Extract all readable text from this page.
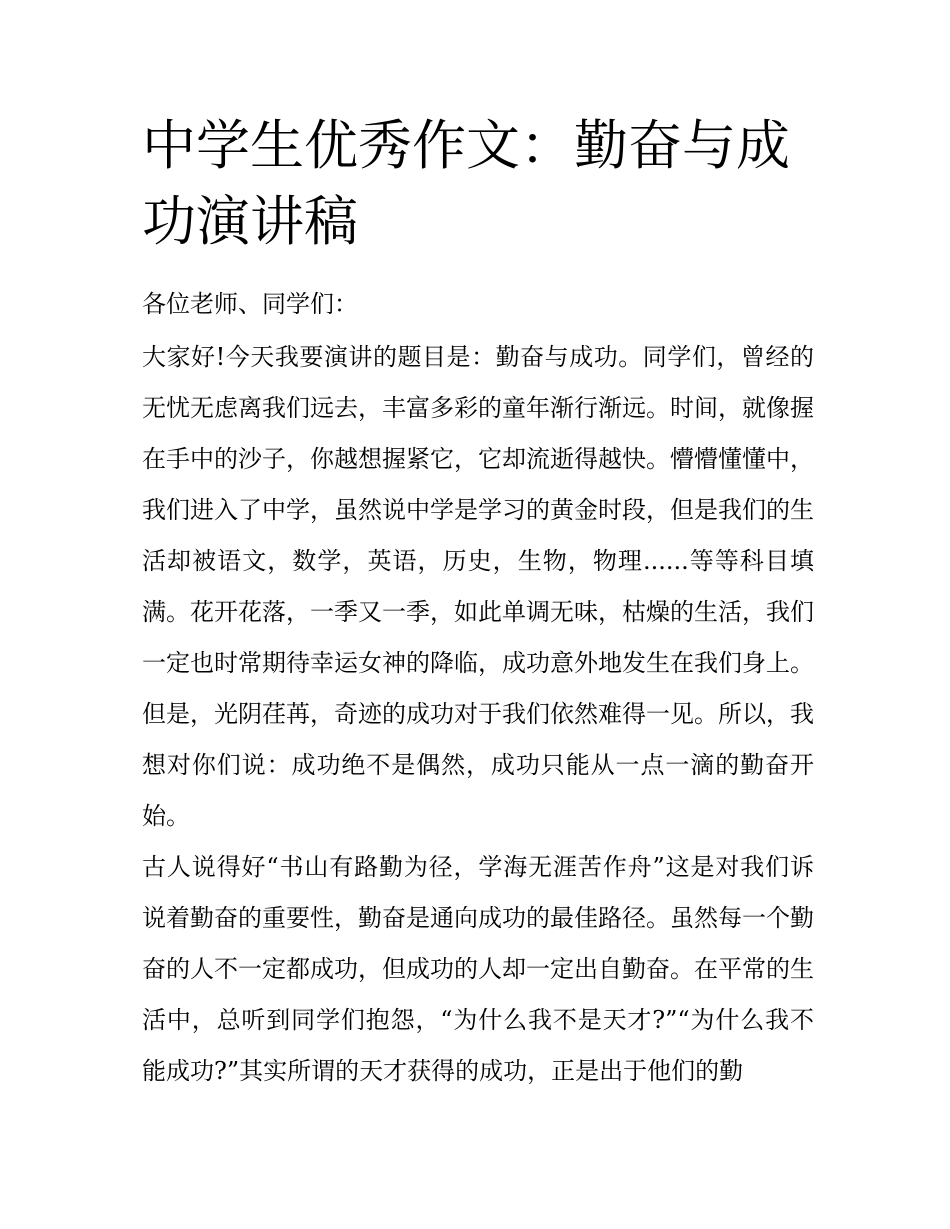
中学生优秀作文：勤奋与成功演讲稿

各位老师、同学们：

大家好!今天我要演讲的题目是：勤奋与成功。同学们，曾经的无忧无虑离我们远去，丰富多彩的童年渐行渐远。时间，就像握在手中的沙子，你越想握紧它，它却流逝得越快。懵懵懂懂中，我们进入了中学，虽然说中学是学习的黄金时段，但是我们的生活却被语文，数学，英语，历史，生物，物理......等等科目填满。花开花落，一季又一季，如此单调无味，枯燥的生活，我们一定也时常期待幸运女神的降临，成功意外地发生在我们身上。但是，光阴荏苒，奇迹的成功对于我们依然难得一见。所以，我想对你们说：成功绝不是偶然，成功只能从一点一滴的勤奋开始。

古人说得好“书山有路勤为径，学海无涯苦作舟”这是对我们诉说着勤奋的重要性，勤奋是通向成功的最佳路径。虽然每一个勤奋的人不一定都成功，但成功的人却一定出自勤奋。在平常的生活中，总听到同学们抱怨，“为什么我不是天才?”“为什么我不能成功?”其实所谓的天才获得的成功，正是出于他们的勤
